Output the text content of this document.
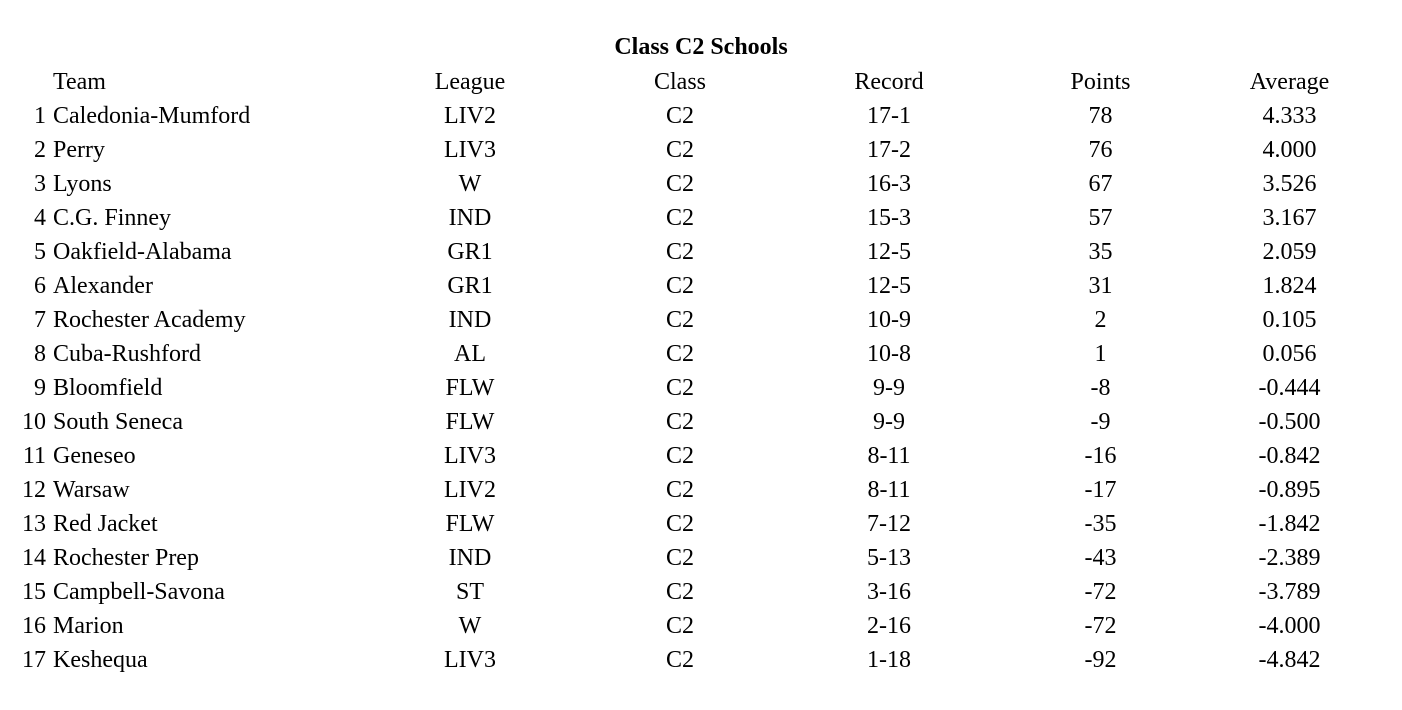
Class C2 Schools
	Team	League	Class	Record	Points	Average
1	Caledonia-Mumford	LIV2	C2	17-1	78	4.333
2	Perry	LIV3	C2	17-2	76	4.000
3	Lyons	W	C2	16-3	67	3.526
4	C.G. Finney	IND	C2	15-3	57	3.167
5	Oakfield-Alabama	GR1	C2	12-5	35	2.059
6	Alexander	GR1	C2	12-5	31	1.824
7	Rochester Academy	IND	C2	10-9	2	0.105
8	Cuba-Rushford	AL	C2	10-8	1	0.056
9	Bloomfield	FLW	C2	9-9	-8	-0.444
10	South Seneca	FLW	C2	9-9	-9	-0.500
11	Geneseo	LIV3	C2	8-11	-16	-0.842
12	Warsaw	LIV2	C2	8-11	-17	-0.895
13	Red Jacket	FLW	C2	7-12	-35	-1.842
14	Rochester Prep	IND	C2	5-13	-43	-2.389
15	Campbell-Savona	ST	C2	3-16	-72	-3.789
16	Marion	W	C2	2-16	-72	-4.000
17	Keshequa	LIV3	C2	1-18	-92	-4.842
